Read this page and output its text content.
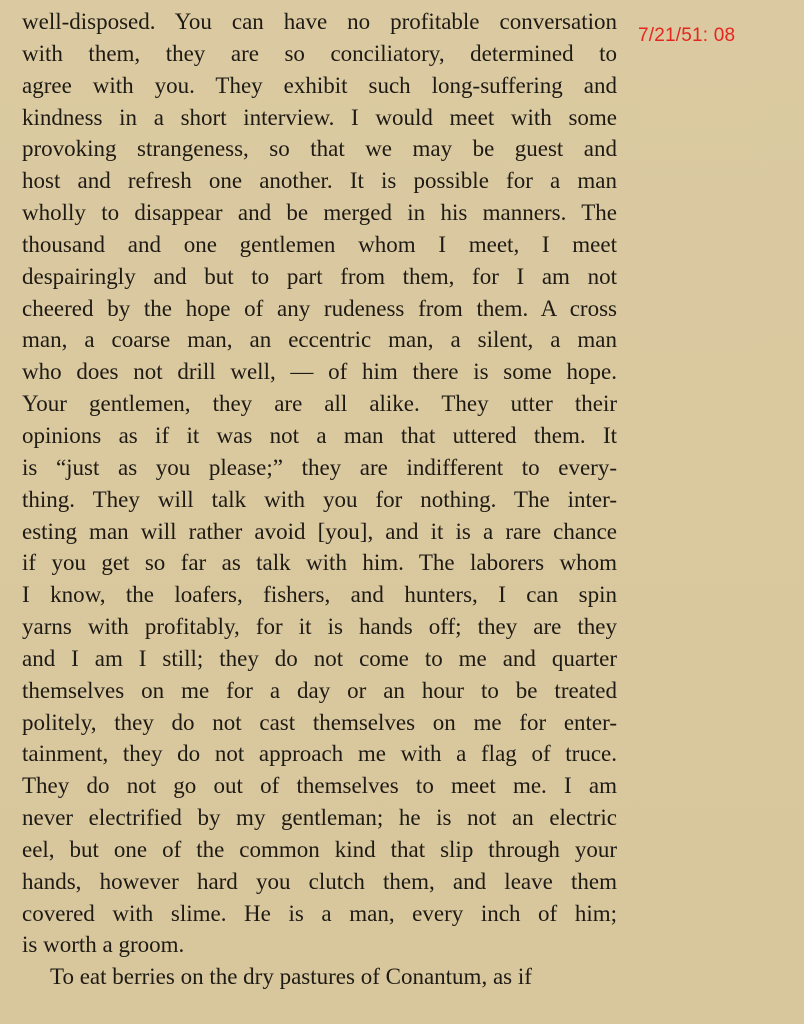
well-disposed. You can have no profitable conversation
with them, they are so conciliatory, determined to
agree with you. They exhibit such long-suffering and
kindness in a short interview. I would meet with some
provoking strangeness, so that we may be guest and
host and refresh one another. It is possible for a man
wholly to disappear and be merged in his manners. The
thousand and one gentlemen whom I meet, I meet
despairingly and but to part from them, for I am not
cheered by the hope of any rudeness from them. A cross
man, a coarse man, an eccentric man, a silent, a man
who does not drill well, — of him there is some hope.
Your gentlemen, they are all alike. They utter their
opinions as if it was not a man that uttered them. It
is “just as you please;” they are indifferent to every-
thing. They will talk with you for nothing. The inter-
esting man will rather avoid [you], and it is a rare chance
if you get so far as talk with him. The laborers whom
I know, the loafers, fishers, and hunters, I can spin
yarns with profitably, for it is hands off; they are they
and I am I still; they do not come to me and quarter
themselves on me for a day or an hour to be treated
politely, they do not cast themselves on me for enter-
tainment, they do not approach me with a flag of truce.
They do not go out of themselves to meet me. I am
never electrified by my gentleman; he is not an electric
eel, but one of the common kind that slip through your
hands, however hard you clutch them, and leave them
covered with slime. He is a man, every inch of him;
is worth a groom.
To eat berries on the dry pastures of Conantum, as if
7/21/51: 08
